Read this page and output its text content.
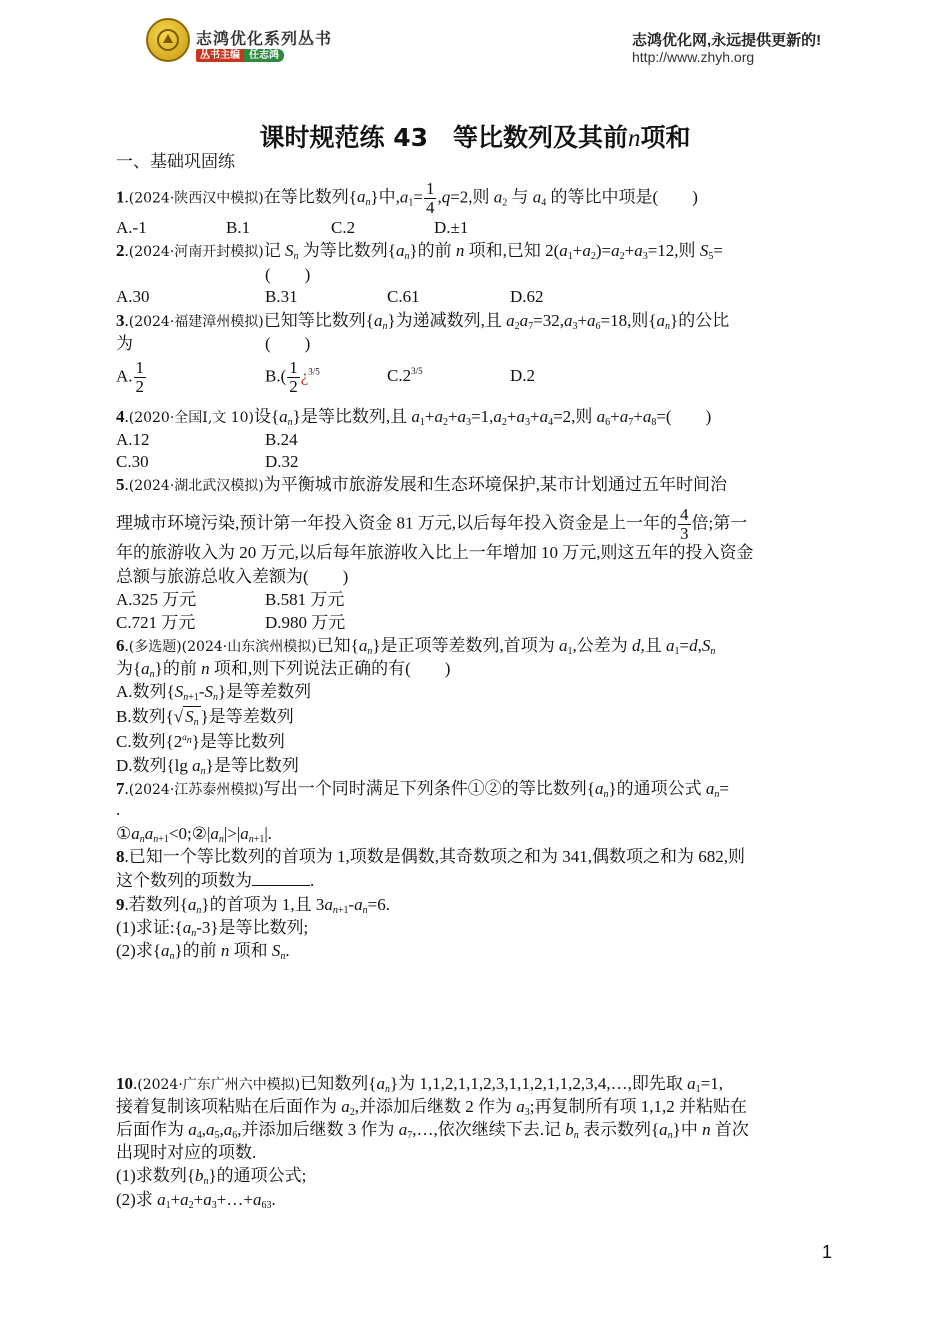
志鸿优化系列丛书
丛书主编 任志鸿
志鸿优化网,永远提供更新的!
http://www.zhyh.org
课时规范练 43　等比数列及其前n项和
一、基础巩固练
1.(2024·陕西汉中模拟)在等比数列$\{a_n\}$中$,a_1= \frac{1}{4} ,q=2$,则 $a_2$ 与 $a_4$ 的等比中项是(　　)
A.-1	B.1	C.2	D.±1
2.(2024·河南开封模拟)记 $S_n$ 为等比数列$\{a_n\}$的前 n 项和,已知 $2(a_1+a_2)=a_2+a_3=12$,则 $S_5=$
(　　)
A.30	B.31	C.61	D.62
3.(2024·福建漳州模拟)已知等比数列$\{a_n\}$为递减数列,且 $a_2a_7=32,a_3+a_6=18$,则$\{a_n\}$的公比
为	(　　)
A. $\frac{1}{2}$	$B.( \frac{1}{2}$ ¿$^{3/5}$	$C.2^{3/5}$	D.2
4.(2020·全国Ⅰ,文 10)设$\{a_n\}$是等比数列,且 $a_1+a_2+a_3=1,a_2+a_3+a_4=2$,则 $a_6+a_7+a_8=$(　　)
A.12	B.24
C.30	D.32
5.(2024·湖北武汉模拟)为平衡城市旅游发展和生态环境保护,某市计划通过五年时间治
理城市环境污染,预计第一年投入资金 81 万元,以后每年投入资金是上一年的 $\frac{4}{3}$ 倍;第一
年的旅游收入为 20 万元,以后每年旅游收入比上一年增加 10 万元,则这五年的投入资金
总额与旅游总收入差额为(　　)
A.325 万元	B.581 万元
C.721 万元	D.980 万元
6.(多选题)(2024·山东滨州模拟)已知$\{a_n\}$是正项等差数列,首项为 $a_1$,公差为 d,且 $a_1=d,S_n$
为$\{a_n\}$的前 n 项和,则下列说法正确的有(　　)
A.数列$\{S_{n+1}-S_n\}$是等差数列
B.数列{√ $S_n$ }是等差数列
C.数列$\{2^{a_n}\}$是等比数列
D.数列{lg $a_n$}是等比数列
7.(2024·江苏泰州模拟)写出一个同时满足下列条件①②的等比数列$\{a_n\}$的通项公式 $a_n=$
.
$①a_na_{n+1}<0;②|a_n|>|a_{n+1}|$.
8.已知一个等比数列的首项为 1,项数是偶数,其奇数项之和为 341,偶数项之和为 682,则
这个数列的项数为	.
9.若数列$\{a_n\}$的首项为 1,且 $3a_{n+1}-a_n=6$.
(1)求证$:\{a_n-3\}$是等比数列;
(2)求$\{a_n\}$的前 n 项和 $S_n$.
10.(2024·广东广州六中模拟)已知数列$\{a_n\}$为 1,1,2,1,1,2,3,1,1,2,1,1,2,3,4,…,即先取 $a_1=1$,
接着复制该项粘贴在后面作为 $a_2$,并添加后继数 2 作为 $a_3$;再复制所有项 1,1,2 并粘贴在
后面作为 $a_4,a_5,a_6$,并添加后继数 3 作为 $a_7,\dots$,依次继续下去.记 $b_n$ 表示数列$\{a_n\}$中 n 首次
出现时对应的项数.
(1)求数列$\{b_n\}$的通项公式;
(2)求 $a_1+a_2+a_3+\dots+a_{63}$.
1
